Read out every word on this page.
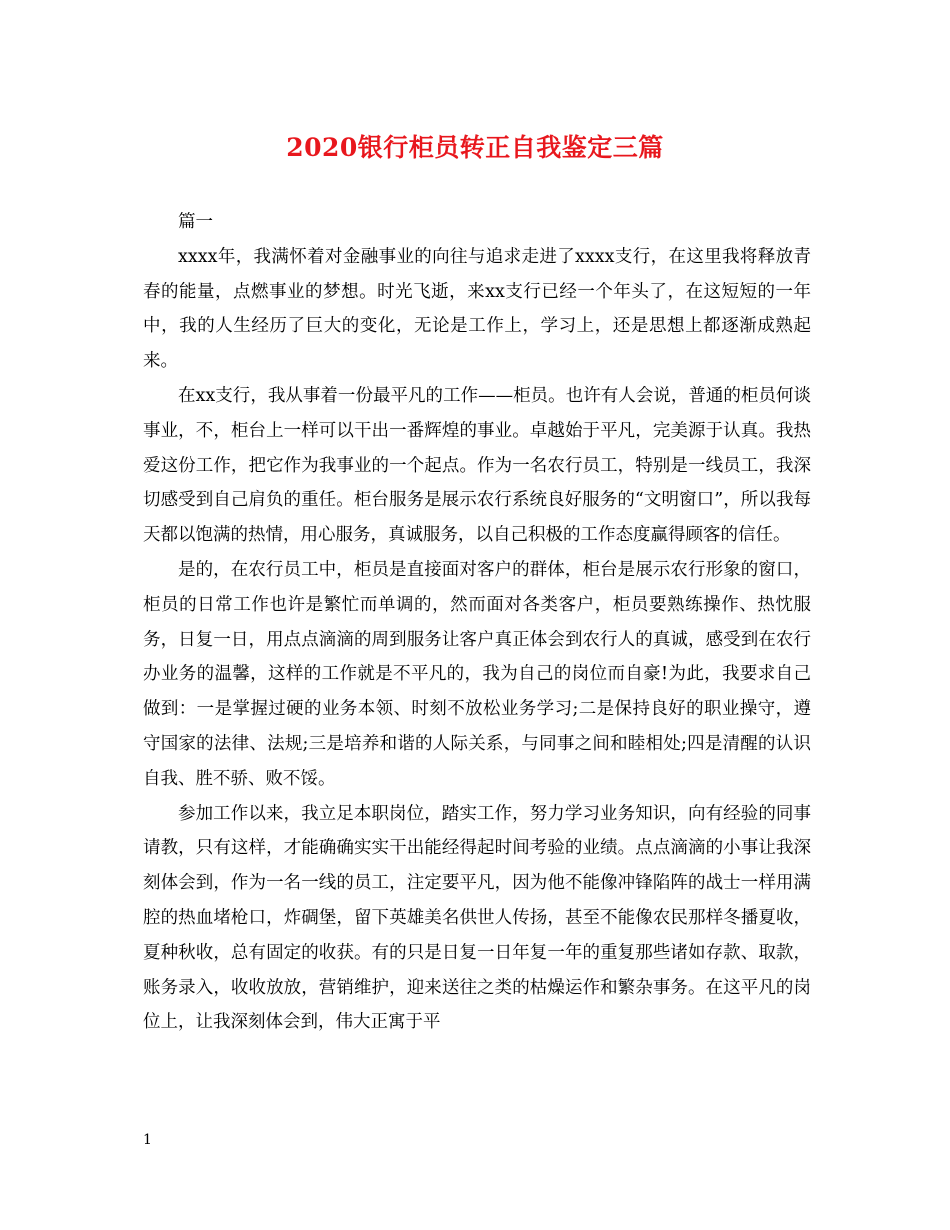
2020银行柜员转正自我鉴定三篇

篇一

xxxx年，我满怀着对金融事业的向往与追求走进了xxxx支行，在这里我将释放青春的能量，点燃事业的梦想。时光飞逝，来xx支行已经一个年头了，在这短短的一年中，我的人生经历了巨大的变化，无论是工作上，学习上，还是思想上都逐渐成熟起来。

在xx支行，我从事着一份最平凡的工作——柜员。也许有人会说，普通的柜员何谈事业，不，柜台上一样可以干出一番辉煌的事业。卓越始于平凡，完美源于认真。我热爱这份工作，把它作为我事业的一个起点。作为一名农行员工，特别是一线员工，我深切感受到自己肩负的重任。柜台服务是展示农行系统良好服务的“文明窗口”，所以我每天都以饱满的热情，用心服务，真诚服务，以自己积极的工作态度赢得顾客的信任。

是的，在农行员工中，柜员是直接面对客户的群体，柜台是展示农行形象的窗口，柜员的日常工作也许是繁忙而单调的，然而面对各类客户，柜员要熟练操作、热忱服务，日复一日，用点点滴滴的周到服务让客户真正体会到农行人的真诚，感受到在农行办业务的温馨，这样的工作就是不平凡的，我为自己的岗位而自豪!为此，我要求自己做到：一是掌握过硬的业务本领、时刻不放松业务学习;二是保持良好的职业操守，遵守国家的法律、法规;三是培养和谐的人际关系，与同事之间和睦相处;四是清醒的认识自我、胜不骄、败不馁。

参加工作以来，我立足本职岗位，踏实工作，努力学习业务知识，向有经验的同事请教，只有这样，才能确确实实干出能经得起时间考验的业绩。点点滴滴的小事让我深刻体会到，作为一名一线的员工，注定要平凡，因为他不能像冲锋陷阵的战士一样用满腔的热血堵枪口，炸碉堡，留下英雄美名供世人传扬，甚至不能像农民那样冬播夏收，夏种秋收，总有固定的收获。有的只是日复一日年复一年的重复那些诸如存款、取款，账务录入，收收放放，营销维护，迎来送往之类的枯燥运作和繁杂事务。在这平凡的岗位上，让我深刻体会到，伟大正寓于平

1
